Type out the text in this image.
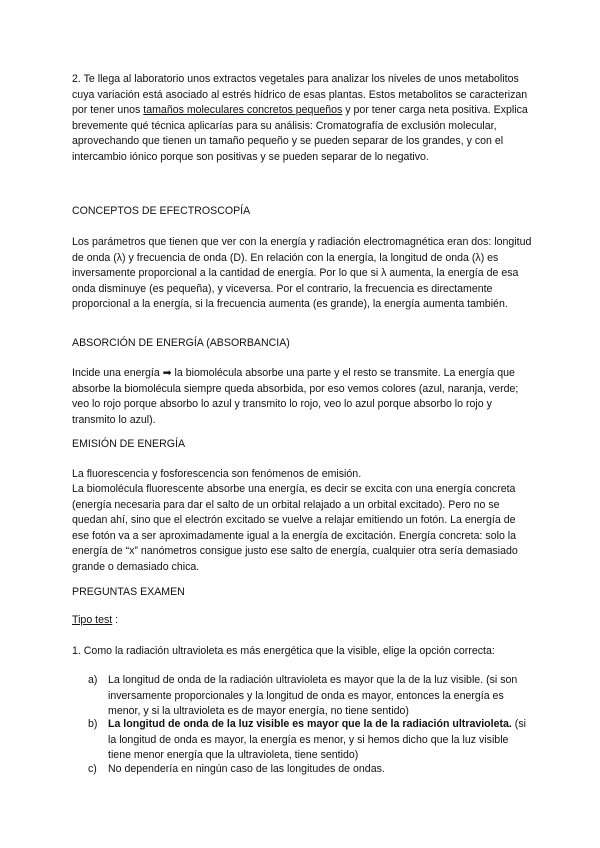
2. Te llega al laboratorio unos extractos vegetales para analizar los niveles de unos metabolitos cuya variación está asociado al estrés hídrico de esas plantas. Estos metabolitos se caracterizan por tener unos tamaños moleculares concretos pequeños y por tener carga neta positiva. Explica brevemente qué técnica aplicarías para su análisis: Cromatografía de exclusión molecular, aprovechando que tienen un tamaño pequeño y se pueden separar de los grandes, y con el intercambio iónico porque son positivas y se pueden separar de lo negativo.

CONCEPTOS DE EFECTROSCOPÍA

Los parámetros que tienen que ver con la energía y radiación electromagnética eran dos: longitud de onda (λ) y frecuencia de onda (D). En relación con la energía, la longitud de onda (λ) es inversamente proporcional a la cantidad de energía. Por lo que si λ aumenta, la energía de esa onda disminuye (es pequeña), y viceversa. Por el contrario, la frecuencia es directamente proporcional a la energía, si la frecuencia aumenta (es grande), la energía aumenta también.

ABSORCIÓN DE ENERGÍA (ABSORBANCIA)

Incide una energía ➡ la biomolécula absorbe una parte y el resto se transmite. La energía que absorbe la biomolécula siempre queda absorbida, por eso vemos colores (azul, naranja, verde; veo lo rojo porque absorbo lo azul y transmito lo rojo, veo lo azul porque absorbo lo rojo y transmito lo azul).

EMISIÓN DE ENERGÍA

La fluorescencia y fosforescencia son fenómenos de emisión.

La biomolécula fluorescente absorbe una energía, es decir se excita con una energía concreta (energía necesaria para dar el salto de un orbital relajado a un orbital excitado). Pero no se quedan ahí, sino que el electrón excitado se vuelve a relajar emitiendo un fotón. La energía de ese fotón va a ser aproximadamente igual a la energía de excitación. Energía concreta: solo la energía de “x” nanómetros consigue justo ese salto de energía, cualquier otra sería demasiado grande o demasiado chica.

PREGUNTAS EXAMEN

Tipo test :

1. Como la radiación ultravioleta es más energética que la visible, elige la opción correcta:

a) La longitud de onda de la radiación ultravioleta es mayor que la de la luz visible. (si son inversamente proporcionales y la longitud de onda es mayor, entonces la energía es menor, y si la ultravioleta es de mayor energía, no tiene sentido)
b) La longitud de onda de la luz visible es mayor que la de la radiación ultravioleta. (si la longitud de onda es mayor, la energía es menor, y si hemos dicho que la luz visible tiene menor energía que la ultravioleta, tiene sentido)
c) No dependería en ningún caso de las longitudes de ondas.
